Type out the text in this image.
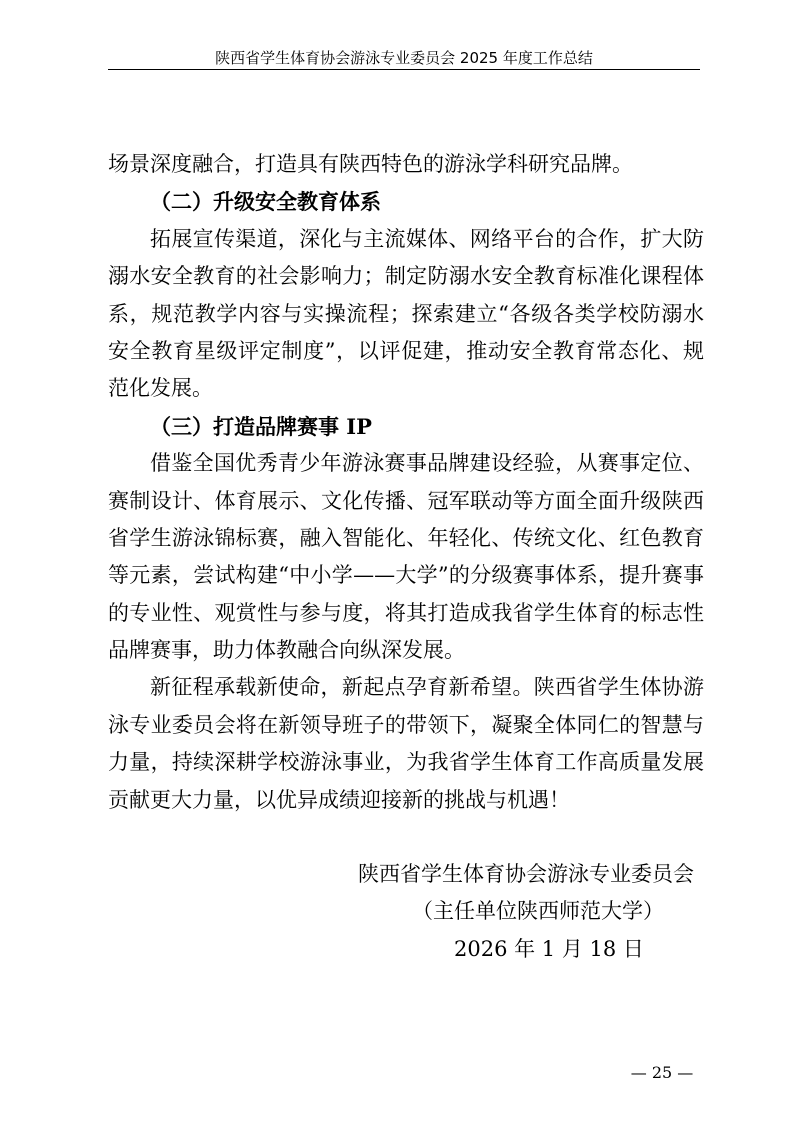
陕西省学生体育协会游泳专业委员会 2025 年度工作总结
场景深度融合，打造具有陕西特色的游泳学科研究品牌。
（二）升级安全教育体系
拓展宣传渠道，深化与主流媒体、网络平台的合作，扩大防
溺水安全教育的社会影响力；制定防溺水安全教育标准化课程体
系，规范教学内容与实操流程；探索建立“各级各类学校防溺水
安全教育星级评定制度”，以评促建，推动安全教育常态化、规
范化发展。
（三）打造品牌赛事 IP
借鉴全国优秀青少年游泳赛事品牌建设经验，从赛事定位、
赛制设计、体育展示、文化传播、冠军联动等方面全面升级陕西
省学生游泳锦标赛，融入智能化、年轻化、传统文化、红色教育
等元素，尝试构建“中小学——大学”的分级赛事体系，提升赛事
的专业性、观赏性与参与度，将其打造成我省学生体育的标志性
品牌赛事，助力体教融合向纵深发展。
新征程承载新使命，新起点孕育新希望。陕西省学生体协游
泳专业委员会将在新领导班子的带领下，凝聚全体同仁的智慧与
力量，持续深耕学校游泳事业，为我省学生体育工作高质量发展
贡献更大力量，以优异成绩迎接新的挑战与机遇！
陕西省学生体育协会游泳专业委员会
（主任单位陕西师范大学）
2026 年 1 月 18 日
— 25 —
